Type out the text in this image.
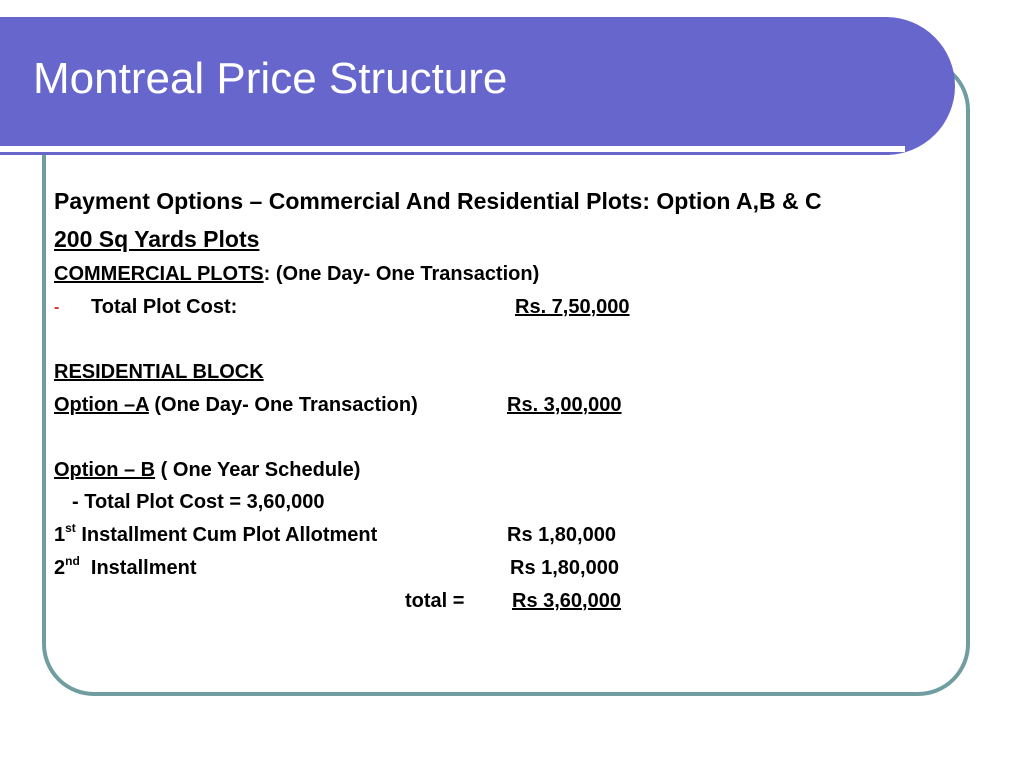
Montreal Price Structure
Payment Options – Commercial And Residential Plots: Option A,B & C
200 Sq Yards Plots
COMMERCIAL PLOTS: (One Day- One Transaction)
- Total Plot Cost:	Rs. 7,50,000
RESIDENTIAL BLOCK
Option –A (One Day- One Transaction)	Rs. 3,00,000
Option – B ( One Year Schedule)
- Total Plot Cost = 3,60,000
1st Installment Cum Plot Allotment	Rs 1,80,000
2nd  Installment	Rs 1,80,000
total = Rs 3,60,000
